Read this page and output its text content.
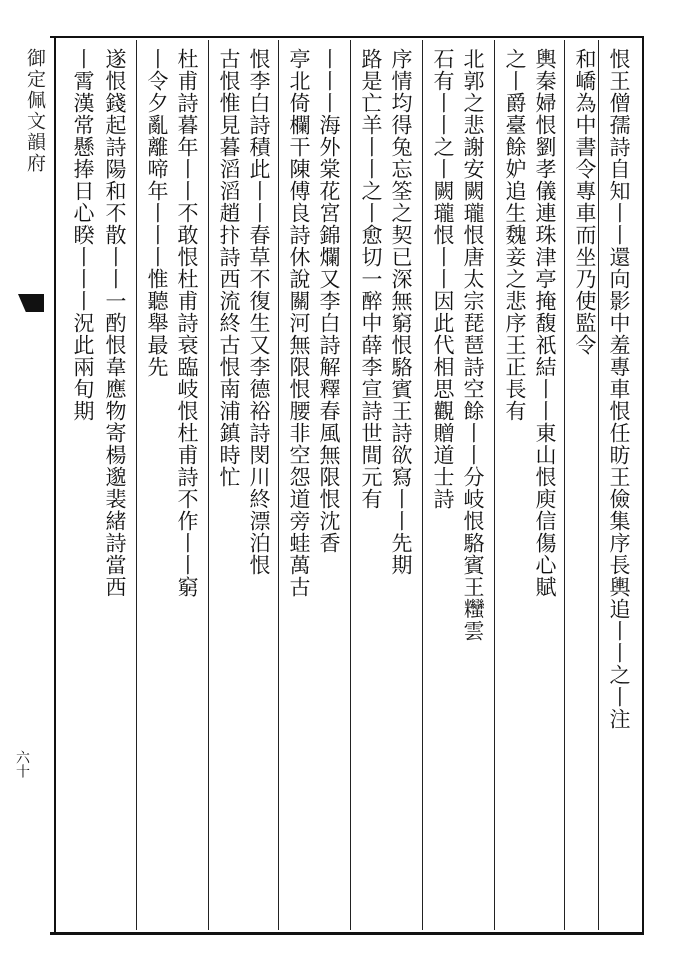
御定佩文韻府
六十
恨王僧孺詩自知丨丨還向影中羞專車恨任昉王儉集序長輿追丨丨之丨注
和嶠為中書令專車而坐乃使監令
輿秦婦恨劉孝儀連珠津亭掩馥祇結丨丨東山恨庾信傷心賦
之丨爵臺餘妒追生魏妾之悲序王正長有
北郭之悲謝安闕瓏恨唐太宗琵琶詩空餘丨丨分岐恨駱賓王𥾃雲
石有丨丨之丨闕瓏恨丨丨因此代相思觀贈道士詩
序情均得兔忘筌之契已深無窮恨駱賓王詩欲寫丨丨先期
路是亡羊丨丨之丨愈切一醉中薛李宣詩世間元有
丨丨丨海外棠花宮錦爛又李白詩解釋春風無限恨沈香
亭北倚欄干陳傅良詩休說關河無限恨腰非空怨道旁蛙萬古
恨李白詩積此丨丨春草不復生又李德裕詩閔川終漂泊恨
古恨惟見暮滔滔趙抃詩西流終古恨南浦鎮時忙
杜甫詩暮年丨丨不敢恨杜甫詩衰臨岐恨杜甫詩不作丨丨窮
丨令夕亂離啼年丨丨丨惟聽舉最先
遂恨錢起詩陽和不散丨丨一酌恨韋應物寄楊邈裴緒詩當西
丨霄漢常懸捧日心睽丨丨丨況此兩旬期
